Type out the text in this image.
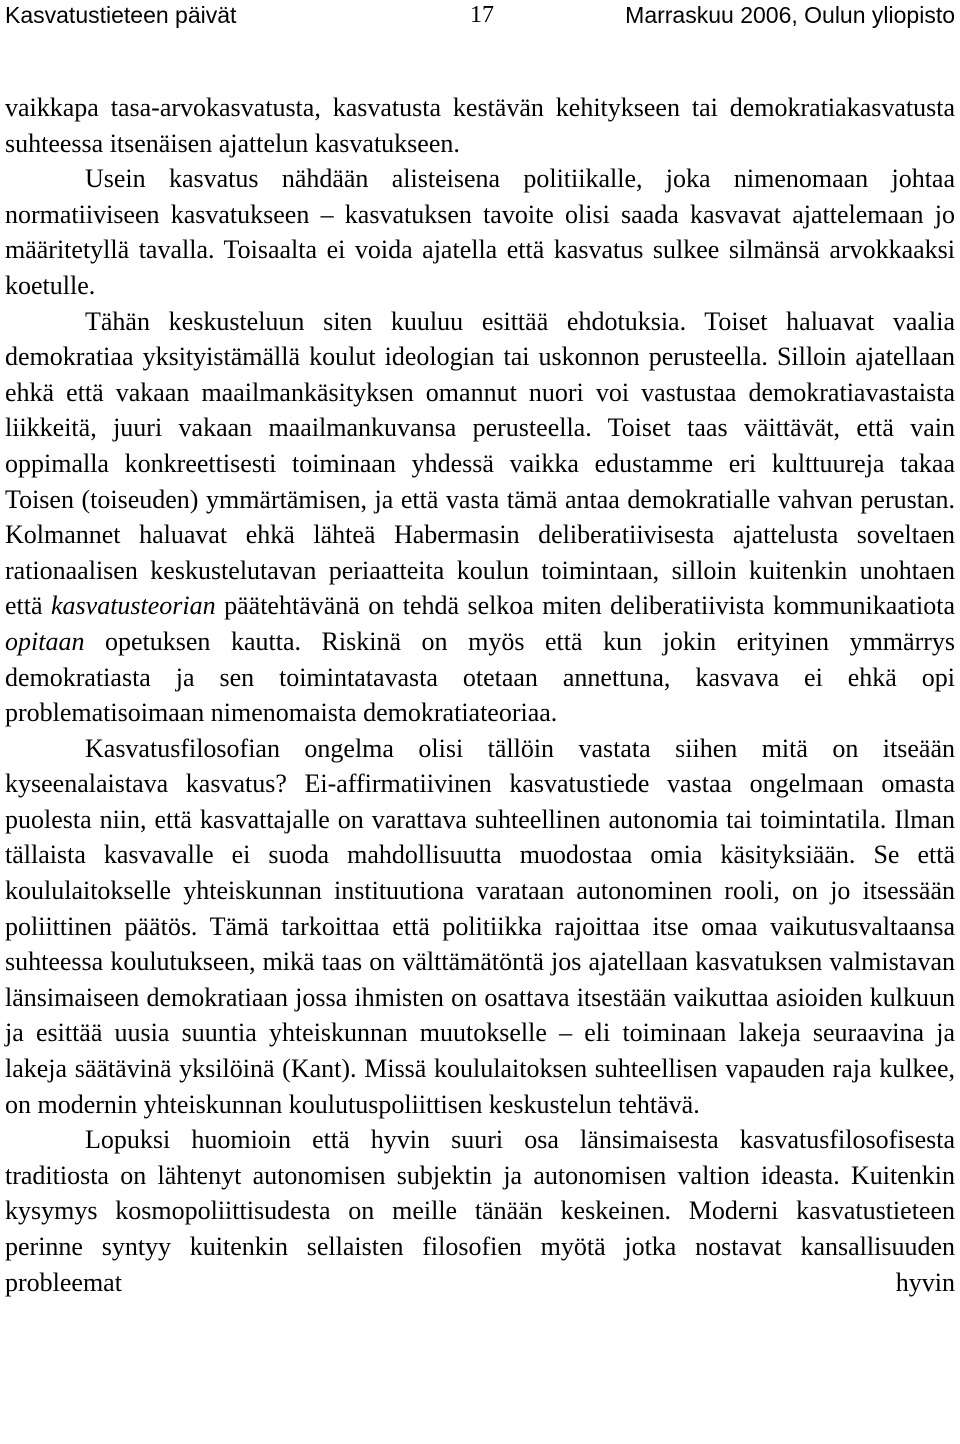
Kasvatustieteen päivät	17	Marraskuu 2006, Oulun yliopisto

vaikkapa tasa-arvokasvatusta, kasvatusta kestävän kehitykseen tai demokratiakasvatusta suhteessa itsenäisen ajattelun kasvatukseen.

Usein kasvatus nähdään alisteisena politiikalle, joka nimenomaan johtaa normatiiviseen kasvatukseen – kasvatuksen tavoite olisi saada kasvavat ajattelemaan jo määritetyllä tavalla. Toisaalta ei voida ajatella että kasvatus sulkee silmänsä arvokkaaksi koetulle.

Tähän keskusteluun siten kuuluu esittää ehdotuksia. Toiset haluavat vaalia demokratiaa yksityistämällä koulut ideologian tai uskonnon perusteella. Silloin ajatellaan ehkä että vakaan maailmankäsityksen omannut nuori voi vastustaa demokratiavastaista liikkeitä, juuri vakaan maailmankuvansa perusteella. Toiset taas väittävät, että vain oppimalla konkreettisesti toiminaan yhdessä vaikka edustamme eri kulttuureja takaa Toisen (toiseuden) ymmärtämisen, ja että vasta tämä antaa demokratialle vahvan perustan. Kolmannet haluavat ehkä lähteä Habermasin deliberatiivisesta ajattelusta soveltaen rationaalisen keskustelutavan periaatteita koulun toimintaan, silloin kuitenkin unohtaen että kasvatusteorian päätehtävänä on tehdä selkoa miten deliberatiivista kommunikaatiota opitaan opetuksen kautta. Riskinä on myös että kun jokin erityinen ymmärrys demokratiasta ja sen toimintatavasta otetaan annettuna, kasvava ei ehkä opi problematisoimaan nimenomaista demokratiateoriaa.

Kasvatusfilosofian ongelma olisi tällöin vastata siihen mitä on itseään kyseenalaistava kasvatus? Ei-affirmatiivinen kasvatustiede vastaa ongelmaan omasta puolesta niin, että kasvattajalle on varattava suhteellinen autonomia tai toimintatila. Ilman tällaista kasvavalle ei suoda mahdollisuutta muodostaa omia käsityksiään. Se että koululaitokselle yhteiskunnan instituutiona varataan autonominen rooli, on jo itsessään poliittinen päätös. Tämä tarkoittaa että politiikka rajoittaa itse omaa vaikutusvaltaansa suhteessa koulutukseen, mikä taas on välttämätöntä jos ajatellaan kasvatuksen valmistavan länsimaiseen demokratiaan jossa ihmisten on osattava itsestään vaikuttaa asioiden kulkuun ja esittää uusia suuntia yhteiskunnan muutokselle – eli toiminaan lakeja seuraavina ja lakeja säätävinä yksilöinä (Kant). Missä koululaitoksen suhteellisen vapauden raja kulkee, on modernin yhteiskunnan koulutuspoliittisen keskustelun tehtävä.

Lopuksi huomioin että hyvin suuri osa länsimaisesta kasvatusfilosofisesta traditiosta on lähtenyt autonomisen subjektin ja autonomisen valtion ideasta. Kuitenkin kysymys kosmopoliittisudesta on meille tänään keskeinen. Moderni kasvatustieteen perinne syntyy kuitenkin sellaisten filosofien myötä jotka nostavat kansallisuuden probleemat hyvin
